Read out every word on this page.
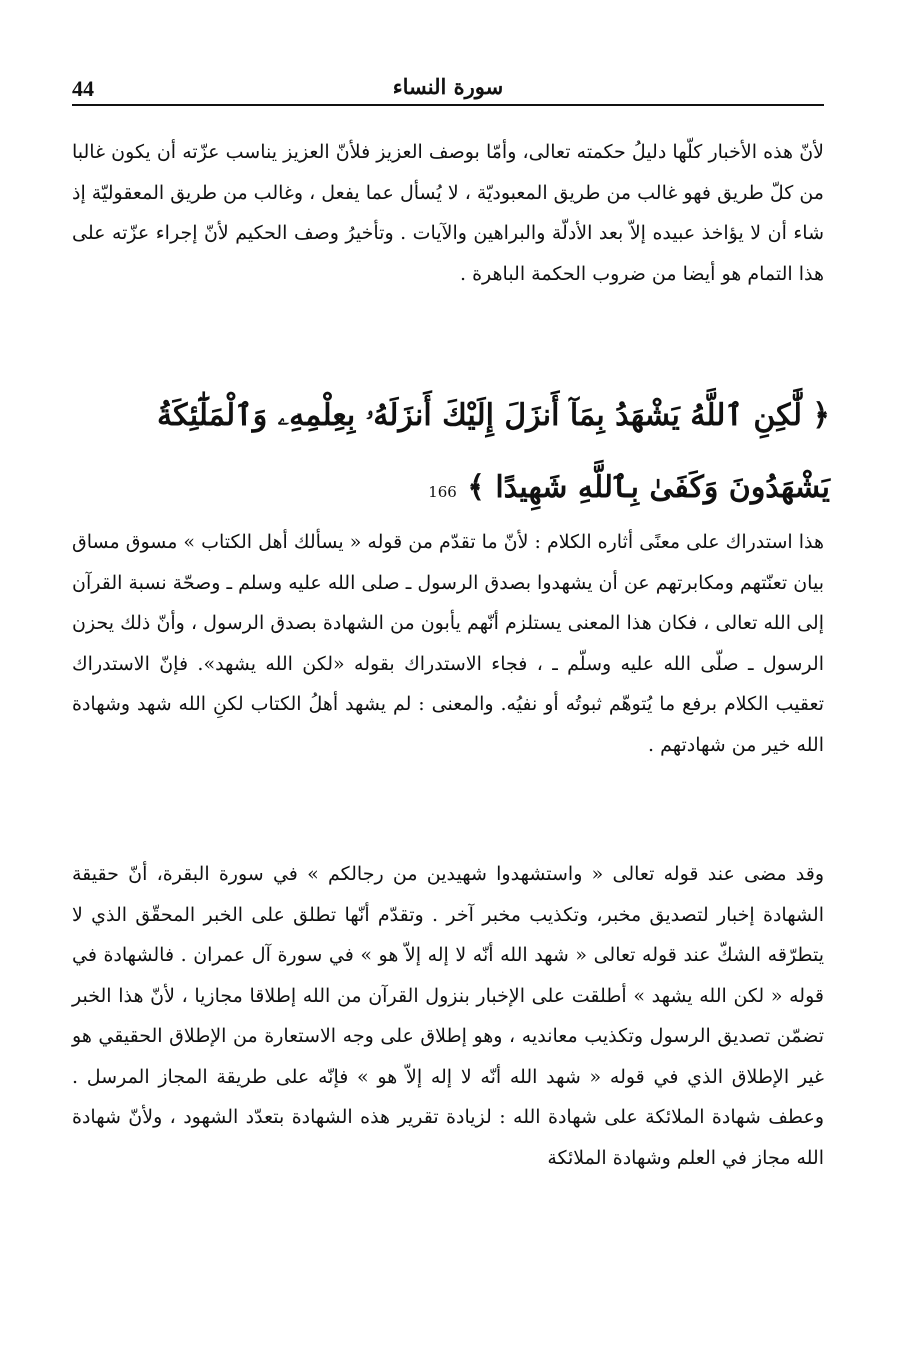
44	سورة النساء

لأنّ هذه الأخبار كلّها دليلُ حكمته تعالى، وأمّا بوصف العزيز فلأنّ العزيز يناسب عزّته أن يكون غالبا من كلّ طريق فهو غالب من طريق المعبوديّة ، لا يُسأل عما يفعل ، وغالب من طريق المعقوليّة إذ شاء أن لا يؤاخذ عبيده إلاّ بعد الأدلّة والبراهين والآيات . وتأخيرُ وصف الحكيم لأنّ إجراء عزّته على هذا التمام هو أيضا من ضروب الحكمة الباهرة .

﴿ لَّٰكِنِ ٱللَّهُ يَشْهَدُ بِمَآ أَنزَلَ إِلَيْكَ أَنزَلَهُۥ بِعِلْمِهِۦ وَٱلْمَلَٰٓئِكَةُ يَشْهَدُونَ وَكَفَىٰ بِٱللَّهِ شَهِيدًا ﴾ 166

هذا استدراك على معنًى أثاره الكلام : لأنّ ما تقدّم من قوله « يسألك أهل الكتاب » مسوق مساق بيان تعنّتهم ومكابرتهم عن أن يشهدوا بصدق الرسول ـ صلى الله عليه وسلم ـ وصحّة نسبة القرآن إلى الله تعالى ، فكان هذا المعنى يستلزم أنّهم يأبون من الشهادة بصدق الرسول ، وأنّ ذلك يحزن الرسول ـ صلّى الله عليه وسلّم ـ ، فجاء الاستدراك بقوله «لكن الله يشهد». فإنّ الاستدراك تعقيب الكلام برفع ما يُتوهّم ثبوتُه أو نفيُه. والمعنى : لم يشهد أهلُ الكتاب لكنِ الله شهد وشهادة الله خير من شهادتهم .

وقد مضى عند قوله تعالى « واستشهدوا شهيدين من رجالكم » في سورة البقرة، أنّ حقيقة الشهادة إخبار لتصديق مخبر، وتكذيب مخبر آخر . وتقدّم أنّها تطلق على الخبر المحقّق الذي لا يتطرّقه الشكّ عند قوله تعالى « شهد الله أنّه لا إله إلاّ هو » في سورة آل عمران . فالشهادة في قوله « لكن الله يشهد » أطلقت على الإخبار بنزول القرآن من الله إطلاقا مجازيا ، لأنّ هذا الخبر تضمّن تصديق الرسول وتكذيب معانديه ، وهو إطلاق على وجه الاستعارة من الإطلاق الحقيقي هو غير الإطلاق الذي في قوله « شهد الله أنّه لا إله إلاّ هو » فإنّه على طريقة المجاز المرسل . وعطف شهادة الملائكة على شهادة الله : لزيادة تقرير هذه الشهادة بتعدّد الشهود ، ولأنّ شهادة الله مجاز في العلم وشهادة الملائكة
